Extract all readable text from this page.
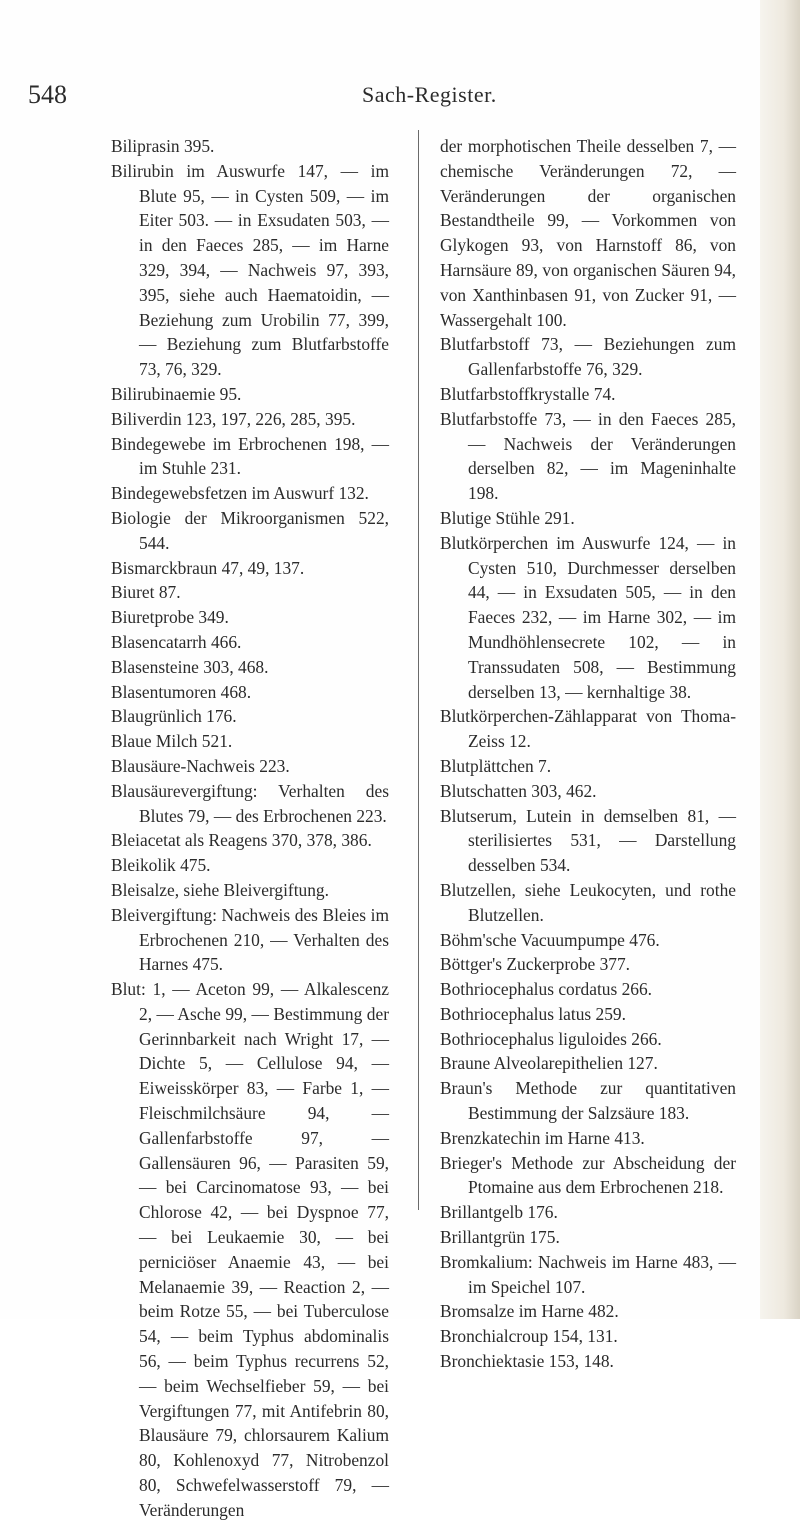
548	Sach-Register.
Biliprasin 395.
Bilirubin im Auswurfe 147, — im Blute 95, — in Cysten 509, — im Eiter 503. — in Exsudaten 503, — in den Faeces 285, — im Harne 329, 394, — Nachweis 97, 393, 395, siehe auch Haematoidin, — Beziehung zum Urobilin 77, 399, — Beziehung zum Blutfarbstoffe 73, 76, 329.
Bilirubinaemie 95.
Biliverdin 123, 197, 226, 285, 395.
Bindegewebe im Erbrochenen 198, — im Stuhle 231.
Bindegewebsfetzen im Auswurf 132.
Biologie der Mikroorganismen 522, 544.
Bismarckbraun 47, 49, 137.
Biuret 87.
Biuretprobe 349.
Blasencatarrh 466.
Blasensteine 303, 468.
Blasentumoren 468.
Blaugrünlich 176.
Blaue Milch 521.
Blausäure-Nachweis 223.
Blausäurevergiftung: Verhalten des Blutes 79, — des Erbrochenen 223.
Bleiacetat als Reagens 370, 378, 386.
Bleikolik 475.
Bleisalze, siehe Bleivergiftung.
Bleivergiftung: Nachweis des Bleies im Erbrochenen 210, — Verhalten des Harnes 475.
Blut: 1, — Aceton 99, — Alkalescenz 2, — Asche 99, — Bestimmung der Gerinnbarkeit nach Wright 17, — Dichte 5, — Cellulose 94, — Eiweisskörper 83, — Farbe 1, — Fleischmilchsäure 94, — Gallenfarbstoffe 97, — Gallensäuren 96, — Parasiten 59, — bei Carcinomatose 93, — bei Chlorose 42, — bei Dyspnoe 77, — bei Leukaemie 30, — bei perniciöser Anaemie 43, — bei Melanaemie 39, — Reaction 2, — beim Rotze 55, — bei Tuberculose 54, — beim Typhus abdominalis 56, — beim Typhus recurrens 52, — beim Wechselfieber 59, — bei Vergiftungen 77, mit Antifebrin 80, Blausäure 79, chlorsaurem Kalium 80, Kohlenoxyd 77, Nitrobenzol 80, Schwefelwasserstoff 79, — Veränderungen
der morphotischen Theile desselben 7, — chemische Veränderungen 72, — Veränderungen der organischen Bestandtheile 99, — Vorkommen von Glykogen 93, von Harnstoff 86, von Harnsäure 89, von organischen Säuren 94, von Xanthinbasen 91, von Zucker 91, — Wassergehalt 100.
Blutfarbstoff 73, — Beziehungen zum Gallenfarbstoffe 76, 329.
Blutfarbstoffkrystalle 74.
Blutfarbstoffe 73, — in den Faeces 285, — Nachweis der Veränderungen derselben 82, — im Mageninhalte 198.
Blutige Stühle 291.
Blutkörperchen im Auswurfe 124, — in Cysten 510, Durchmesser derselben 44, — in Exsudaten 505, — in den Faeces 232, — im Harne 302, — im Mundhöhlensecrete 102, — in Transsudaten 508, — Bestimmung derselben 13, — kernhaltige 38.
Blutkörperchen-Zählapparat von Thoma-Zeiss 12.
Blutplättchen 7.
Blutschatten 303, 462.
Blutserum, Lutein in demselben 81, — sterilisiertes 531, — Darstellung desselben 534.
Blutzellen, siehe Leukocyten, und rothe Blutzellen.
Böhm'sche Vacuumpumpe 476.
Böttger's Zuckerprobe 377.
Bothriocephalus cordatus 266.
Bothriocephalus latus 259.
Bothriocephalus liguloides 266.
Braune Alveolarepithelien 127.
Braun's Methode zur quantitativen Bestimmung der Salzsäure 183.
Brenzkatechin im Harne 413.
Brieger's Methode zur Abscheidung der Ptomaine aus dem Erbrochenen 218.
Brillantgelb 176.
Brillantgrün 175.
Bromkalium: Nachweis im Harne 483, — im Speichel 107.
Bromsalze im Harne 482.
Bronchialcroup 154, 131.
Bronchiektasie 153, 148.
